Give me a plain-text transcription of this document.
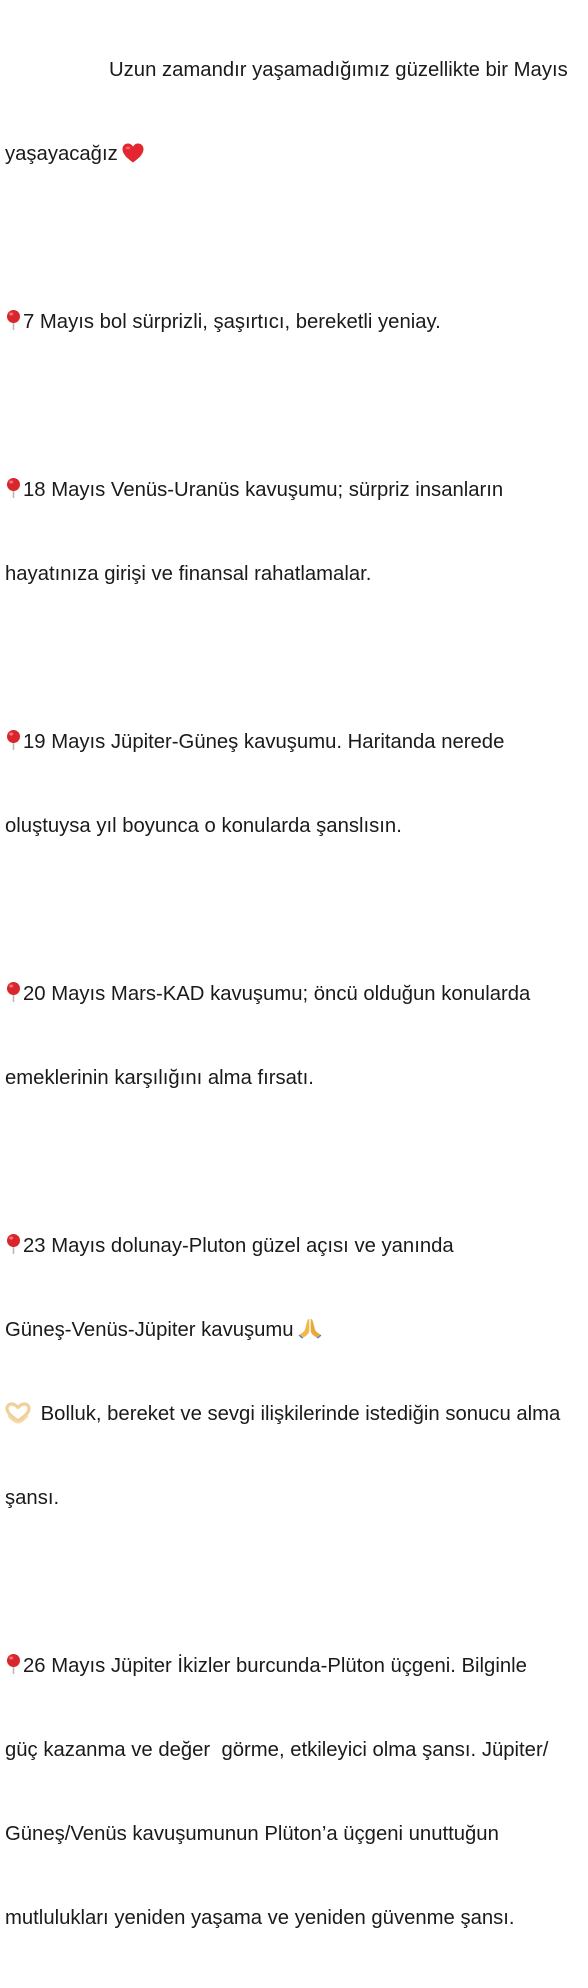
Uzun zamandır yaşamadığımız güzellikte bir Mayıs

yaşayacağız

7 Mayıs bol sürprizli, şaşırtıcı, bereketli yeniay.

18 Mayıs Venüs-Uranüs kavuşumu; sürpriz insanların

hayatınıza girişi ve finansal rahatlamalar.

19 Mayıs Jüpiter-Güneş kavuşumu. Haritanda nerede

oluştuysa yıl boyunca o konularda şanslısın.

20 Mayıs Mars-KAD kavuşumu; öncü olduğun konularda

emeklerinin karşılığını alma fırsatı.

23 Mayıs dolunay-Pluton güzel açısı ve yanında

Güneş-Venüs-Jüpiter kavuşumu

Bolluk, bereket ve sevgi ilişkilerinde istediğin sonucu alma

şansı.

26 Mayıs Jüpiter İkizler burcunda-Plüton üçgeni. Bilginle

güç kazanma ve değer  görme, etkileyici olma şansı. Jüpiter/

Güneş/Venüs kavuşumunun Plüton’a üçgeni unuttuğun

mutlulukları yeniden yaşama ve yeniden güvenme şansı.
